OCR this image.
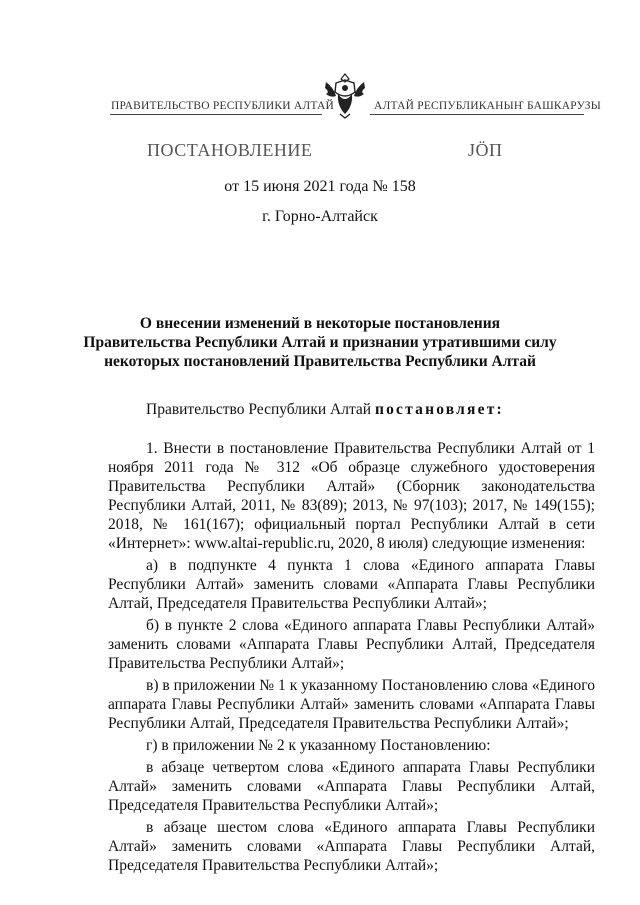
ПРАВИТЕЛЬСТВО РЕСПУБЛИКИ АЛТАЙ	АЛТАЙ РЕСПУБЛИКАНЫҤ БАШКАРУЗЫ
ПОСТАНОВЛЕНИЕ	ЈÖП
от 15 июня 2021 года № 158
г. Горно-Алтайск
О внесении изменений в некоторые постановления
Правительства Республики Алтай и признании утратившими силу
некоторых постановлений Правительства Республики Алтай

Правительство Республики Алтай постановляет:

1. Внести в постановление Правительства Республики Алтай от 1 ноября 2011 года № 312 «Об образце служебного удостоверения Правительства Республики Алтай» (Сборник законодательства Республики Алтай, 2011, № 83(89); 2013, № 97(103); 2017, № 149(155); 2018, № 161(167); официальный портал Республики Алтай в сети «Интернет»: www.altai-republic.ru, 2020, 8 июля) следующие изменения:

а) в подпункте 4 пункта 1 слова «Единого аппарата Главы Республики Алтай» заменить словами «Аппарата Главы Республики Алтай, Председателя Правительства Республики Алтай»;

б) в пункте 2 слова «Единого аппарата Главы Республики Алтай» заменить словами «Аппарата Главы Республики Алтай, Председателя Правительства Республики Алтай»;

в) в приложении № 1 к указанному Постановлению слова «Единого аппарата Главы Республики Алтай» заменить словами «Аппарата Главы Республики Алтай, Председателя Правительства Республики Алтай»;

г) в приложении № 2 к указанному Постановлению:

в абзаце четвертом слова «Единого аппарата Главы Республики Алтай» заменить словами «Аппарата Главы Республики Алтай, Председателя Правительства Республики Алтай»;

в абзаце шестом слова «Единого аппарата Главы Республики Алтай» заменить словами «Аппарата Главы Республики Алтай, Председателя Правительства Республики Алтай»;
